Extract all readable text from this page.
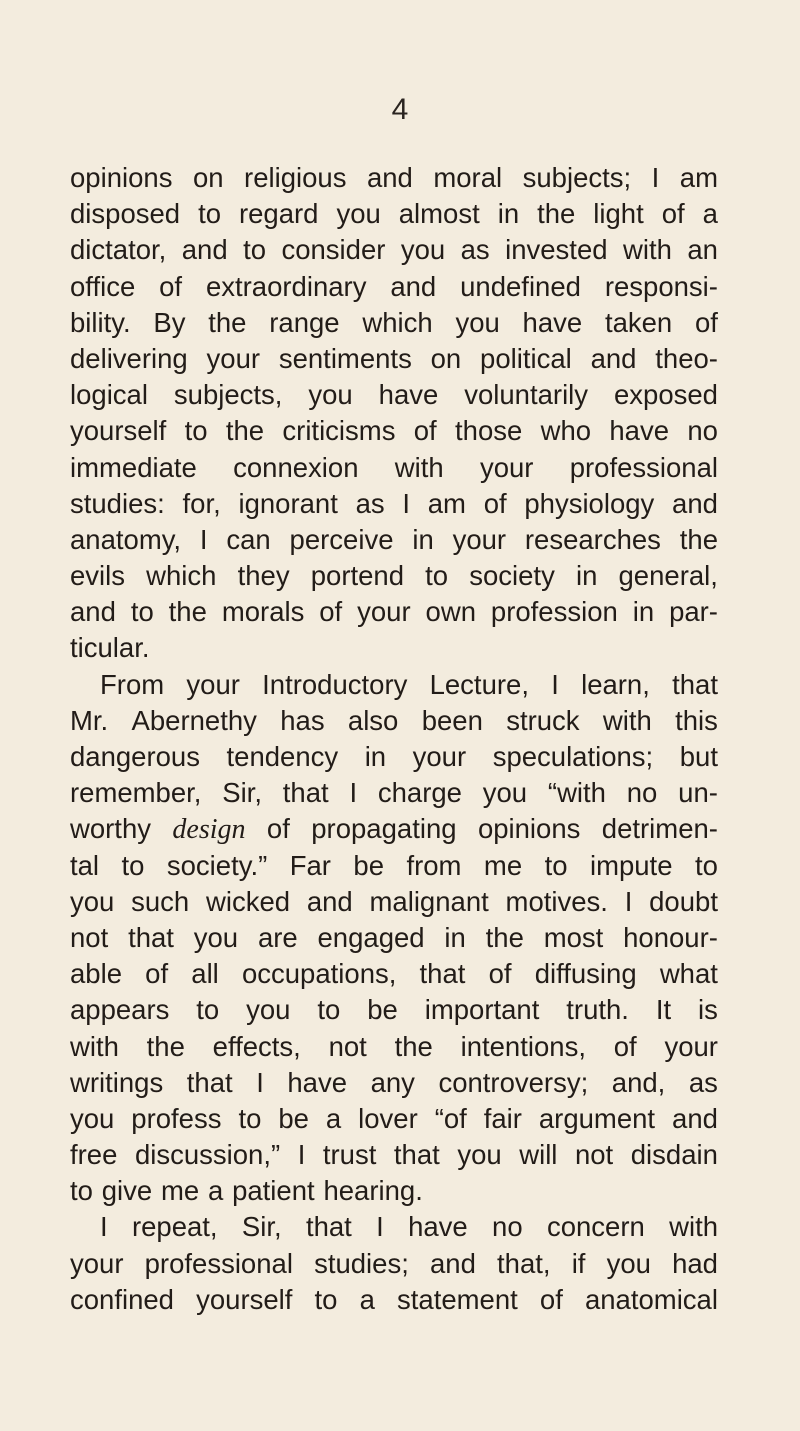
4
opinions on religious and moral subjects; I am
disposed to regard you almost in the light of a
dictator, and to consider you as invested with an
office of extraordinary and undefined responsi-
bility. By the range which you have taken of
delivering your sentiments on political and theo-
logical subjects, you have voluntarily exposed
yourself to the criticisms of those who have no
immediate connexion with your professional
studies: for, ignorant as I am of physiology and
anatomy, I can perceive in your researches the
evils which they portend to society in general,
and to the morals of your own profession in par-
ticular.
From your Introductory Lecture, I learn, that
Mr. Abernethy has also been struck with this
dangerous tendency in your speculations; but
remember, Sir, that I charge you “with no un-
worthy design of propagating opinions detrimen-
tal to society.” Far be from me to impute to
you such wicked and malignant motives. I doubt
not that you are engaged in the most honour-
able of all occupations, that of diffusing what
appears to you to be important truth. It is
with the effects, not the intentions, of your
writings that I have any controversy; and, as
you profess to be a lover “of fair argument and
free discussion,” I trust that you will not disdain
to give me a patient hearing.
I repeat, Sir, that I have no concern with
your professional studies; and that, if you had
confined yourself to a statement of anatomical
